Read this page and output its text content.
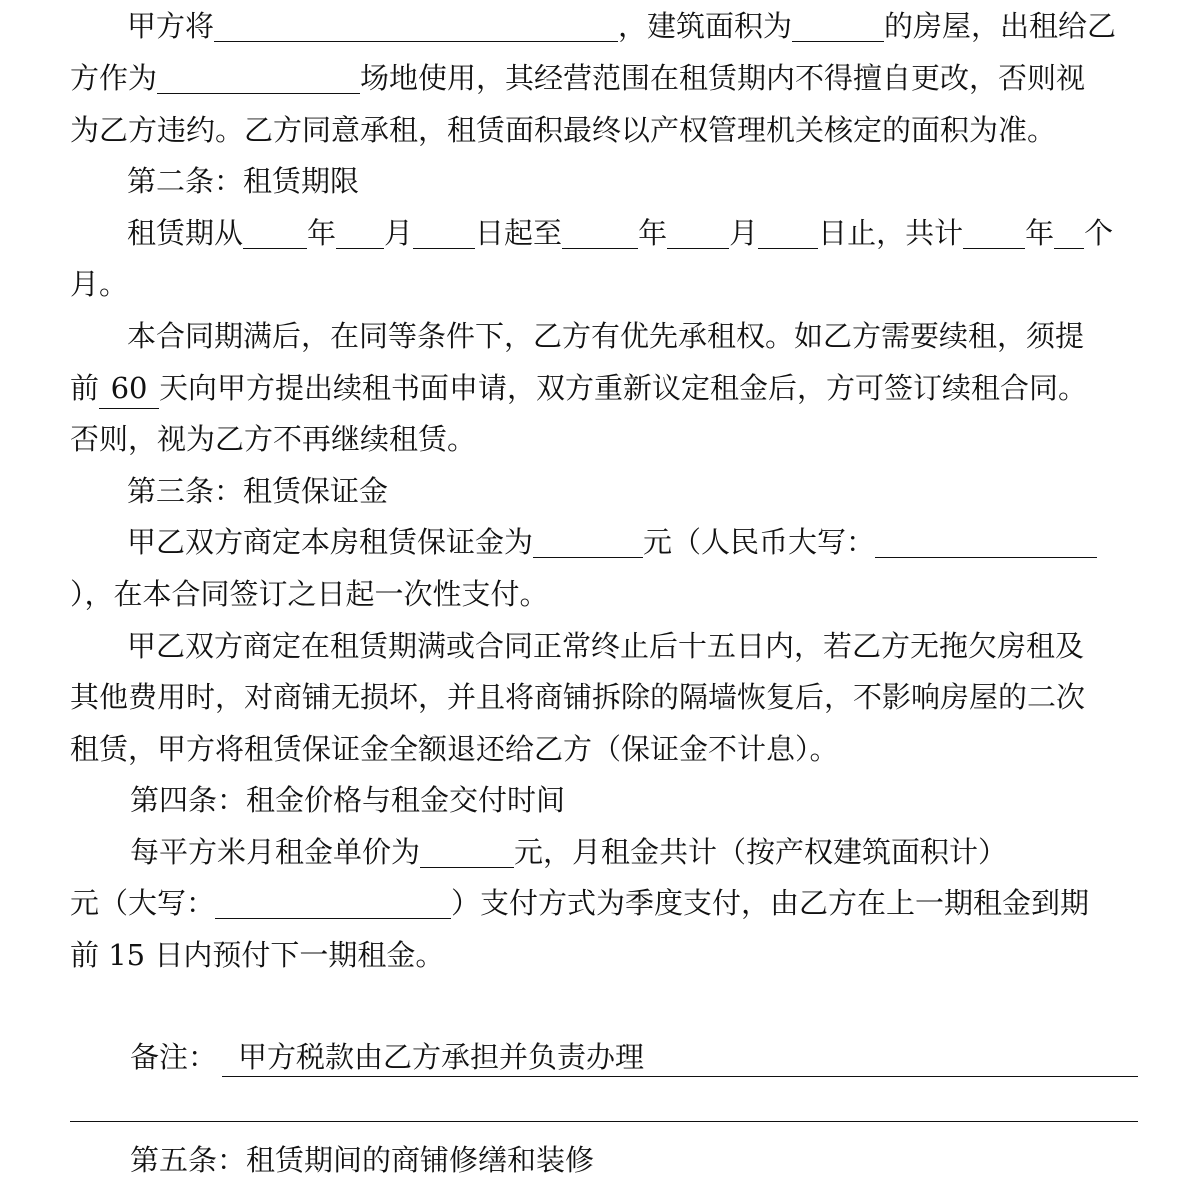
甲方将	，建筑面积为	的房屋，出租给乙
方作为	场地使用，其经营范围在租赁期内不得擅自更改，否则视
为乙方违约。乙方同意承租，租赁面积最终以产权管理机关核定的面积为准。
第二条：租赁期限
租赁期从 年 月 日起至	年 月 日止，共计 年 个
月。
本合同期满后，在同等条件下，乙方有优先承租权。如乙方需要续租，须提
前 60 天向甲方提出续租书面申请，双方重新议定租金后，方可签订续租合同。
否则，视为乙方不再继续租赁。
第三条：租赁保证金
甲乙双方商定本房租赁保证金为	元（人民币大写：
），在本合同签订之日起一次性支付。
甲乙双方商定在租赁期满或合同正常终止后十五日内，若乙方无拖欠房租及
其他费用时，对商铺无损坏，并且将商铺拆除的隔墙恢复后，不影响房屋的二次
租赁，甲方将租赁保证金全额退还给乙方（保证金不计息）。
第四条：租金价格与租金交付时间
每平方米月租金单价为	元，月租金共计（按产权建筑面积计）
元（大写：	）支付方式为季度支付，由乙方在上一期租金到期
前 15 日内预付下一期租金。
备注： 甲方税款由乙方承担并负责办理
第五条：租赁期间的商铺修缮和装修
